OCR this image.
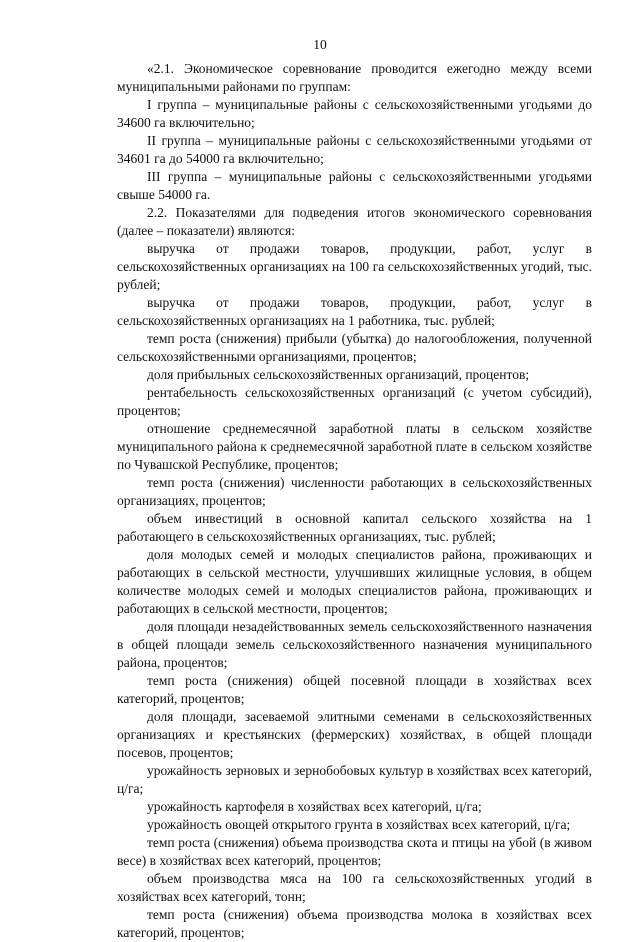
10

«2.1. Экономическое соревнование проводится ежегодно между всеми муниципальными районами по группам:

I группа – муниципальные районы с сельскохозяйственными угодьями до 34600 га включительно;

II группа – муниципальные районы с сельскохозяйственными угодьями от 34601 га до 54000 га включительно;

III группа – муниципальные районы с сельскохозяйственными угодьями свыше 54000 га.

2.2. Показателями для подведения итогов экономического соревнования (далее – показатели) являются:

выручка от продажи товаров, продукции, работ, услуг в сельскохозяйственных организациях на 100 га сельскохозяйственных угодий, тыс. рублей;

выручка от продажи товаров, продукции, работ, услуг в сельскохозяйственных организациях на 1 работника, тыс. рублей;

темп роста (снижения) прибыли (убытка) до налогообложения, полученной сельскохозяйственными организациями, процентов;

доля прибыльных сельскохозяйственных организаций, процентов;

рентабельность сельскохозяйственных организаций (с учетом субсидий), процентов;

отношение среднемесячной заработной платы в сельском хозяйстве муниципального района к среднемесячной заработной плате в сельском хозяйстве по Чувашской Республике, процентов;

темп роста (снижения) численности работающих в сельскохозяйственных организациях, процентов;

объем инвестиций в основной капитал сельского хозяйства на 1 работающего в сельскохозяйственных организациях, тыс. рублей;

доля молодых семей и молодых специалистов района, проживающих и работающих в сельской местности, улучшивших жилищные условия, в общем количестве молодых семей и молодых специалистов района, проживающих и работающих в сельской местности, процентов;

доля площади незадействованных земель сельскохозяйственного назначения в общей площади земель сельскохозяйственного назначения муниципального района, процентов;

темп роста (снижения) общей посевной площади в хозяйствах всех категорий, процентов;

доля площади, засеваемой элитными семенами в сельскохозяйственных организациях и крестьянских (фермерских) хозяйствах, в общей площади посевов, процентов;

урожайность зерновых и зернобобовых культур в хозяйствах всех категорий, ц/га;

урожайность картофеля в хозяйствах всех категорий, ц/га;

урожайность овощей открытого грунта в хозяйствах всех категорий, ц/га;

темп роста (снижения) объема производства скота и птицы на убой (в живом весе) в хозяйствах всех категорий, процентов;

объем производства мяса на 100 га сельскохозяйственных угодий в хозяйствах всех категорий, тонн;

темп роста (снижения) объема производства молока в хозяйствах всех категорий, процентов;
